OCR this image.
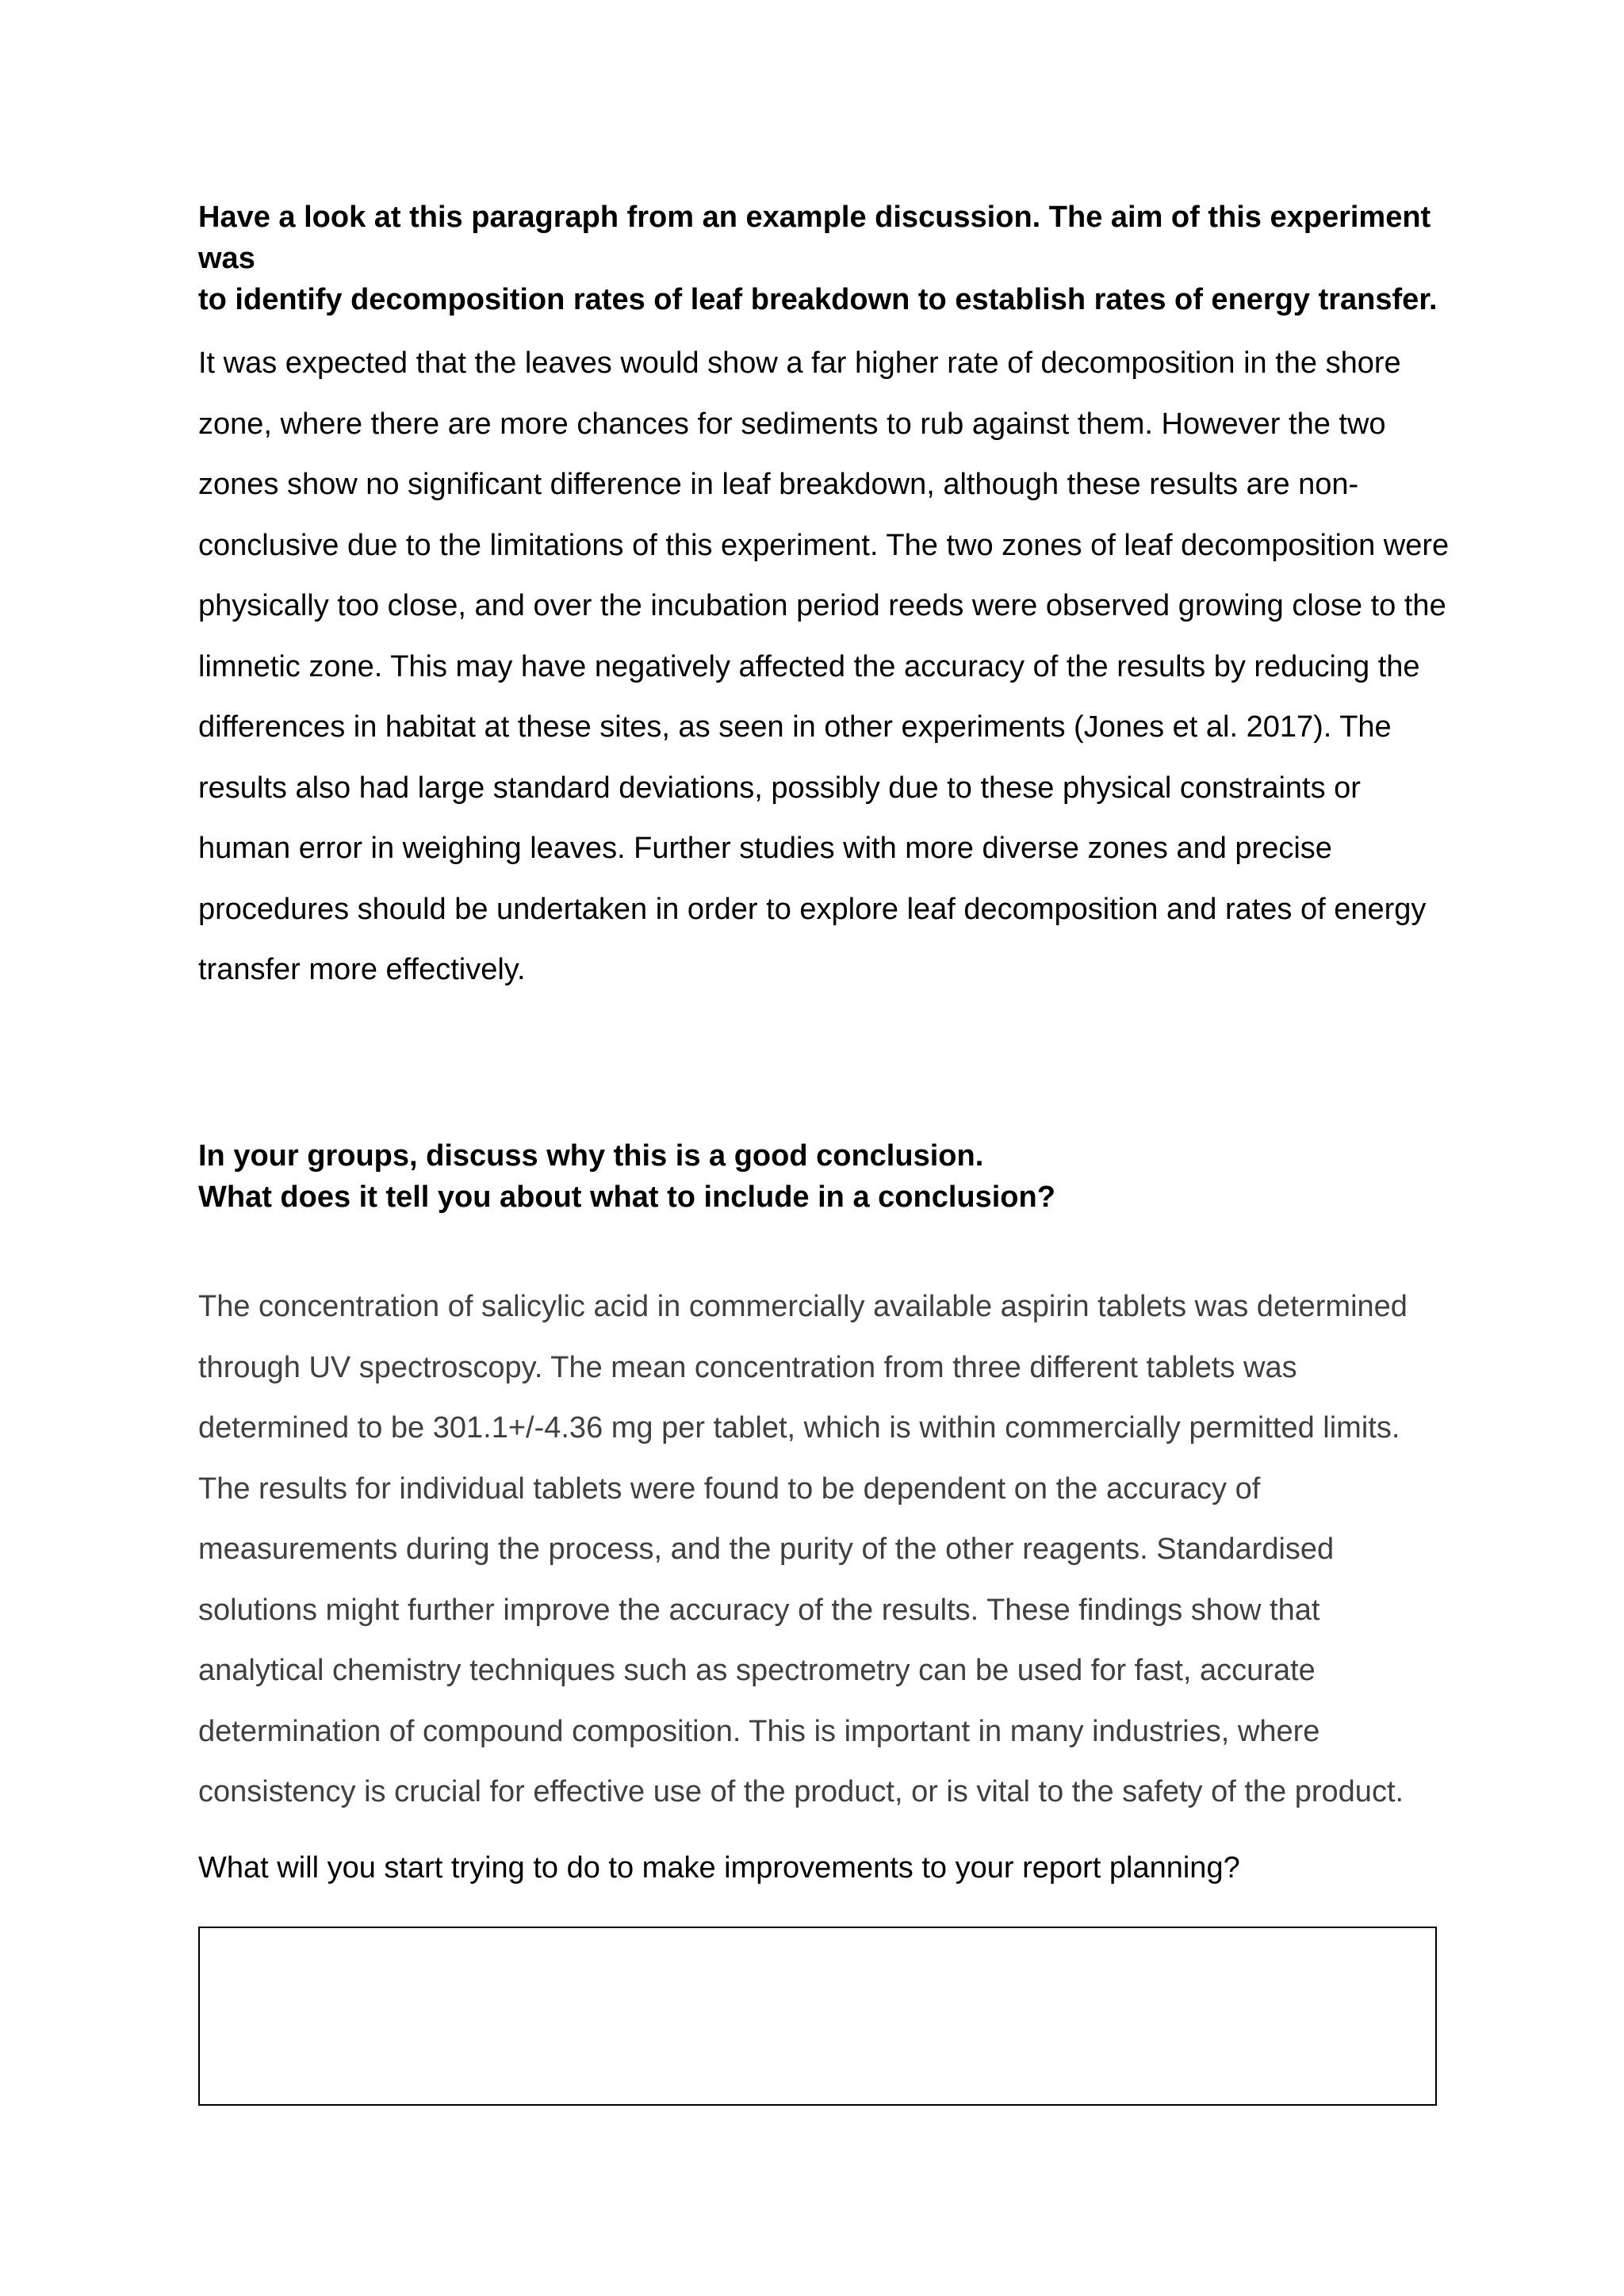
Have a look at this paragraph from an example discussion. The aim of this experiment was
to identify decomposition rates of leaf breakdown to establish rates of energy transfer.

It was expected that the leaves would show a far higher rate of decomposition in the shore zone, where there are more chances for sediments to rub against them. However the two zones show no significant difference in leaf breakdown, although these results are non-conclusive due to the limitations of this experiment. The two zones of leaf decomposition were physically too close, and over the incubation period reeds were observed growing close to the limnetic zone. This may have negatively affected the accuracy of the results by reducing the differences in habitat at these sites, as seen in other experiments (Jones et al. 2017). The results also had large standard deviations, possibly due to these physical constraints or human error in weighing leaves. Further studies with more diverse zones and precise procedures should be undertaken in order to explore leaf decomposition and rates of energy transfer more effectively.

In your groups, discuss why this is a good conclusion.
What does it tell you about what to include in a conclusion?

The concentration of salicylic acid in commercially available aspirin tablets was determined through UV spectroscopy. The mean concentration from three different tablets was determined to be 301.1+/-4.36 mg per tablet, which is within commercially permitted limits. The results for individual tablets were found to be dependent on the accuracy of measurements during the process, and the purity of the other reagents. Standardised solutions might further improve the accuracy of the results. These findings show that analytical chemistry techniques such as spectrometry can be used for fast, accurate determination of compound composition. This is important in many industries, where consistency is crucial for effective use of the product, or is vital to the safety of the product.

What will you start trying to do to make improvements to your report planning?
